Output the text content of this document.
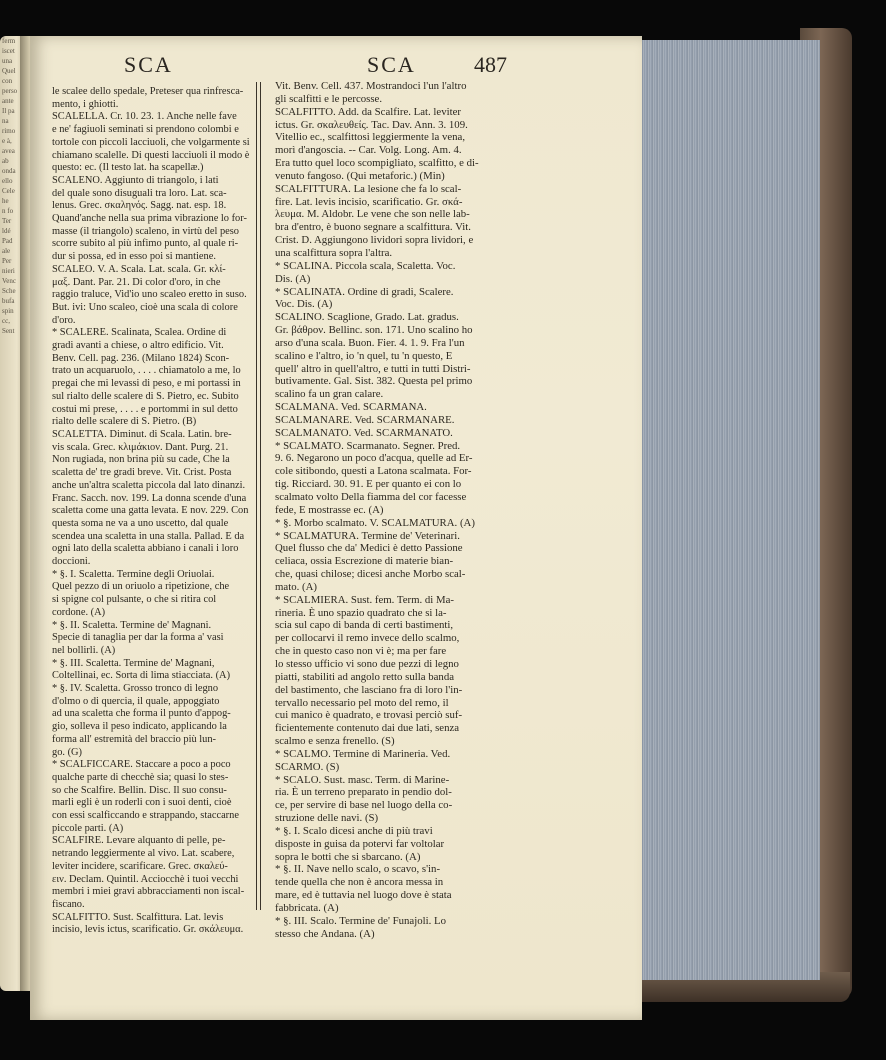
ferm
iscet
una
Quel
con
perso
ante
Il pa
na
rimo
e à,
avea
ab
onda
ello
Cele
he
n fo
Ter
ldé
Pad
ale
Per
nieri
Venc
Sche
bufa
spin
cc,
Sent
SCA	SCA	487

le scalee dello spedale, Preteser qua rinfresca-

mento, i ghiotti.

SCALELLA. Cr. 10. 23. 1. Anche nelle fave

e ne' fagiuoli seminati si prendono colombi e

tortole con piccoli lacciuoli, che volgarmente si

chiamano scalelle. Di questi lacciuoli il modo è

questo: ec. (Il testo lat. ha scapellæ.)

SCALENO. Aggiunto di triangolo, i lati

del quale sono disuguali tra loro. Lat. sca-

lenus. Grec. σκαληνός. Sagg. nat. esp. 18.

Quand'anche nella sua prima vibrazione lo for-

masse (il triangolo) scaleno, in virtù del peso

scorre subito al più infimo punto, al quale ri-

dur si possa, ed in esso poi si mantiene.

SCALEO. V. A. Scala. Lat. scala. Gr. κλί-

μαξ. Dant. Par. 21. Di color d'oro, in che

raggio traluce, Vid'io uno scaleo eretto in suso.

But. ivi: Uno scaleo, cioè una scala di colore

d'oro.

* SCALERE. Scalinata, Scalea. Ordine di

gradi avanti a chiese, o altro edificio. Vit.

Benv. Cell. pag. 236. (Milano 1824) Scon-

trato un acquaruolo, . . . . chiamatolo a me, lo

pregai che mi levassi di peso, e mi portassi in

sul rialto delle scalere di S. Pietro, ec. Subito

costui mi prese, . . . . e portommi in sul detto

rialto delle scalere di S. Pietro. (B)

SCALETTA. Diminut. di Scala. Latin. bre-

vis scala. Grec. κλιμάκιον. Dant. Purg. 21.

Non rugiada, non brina più su cade, Che la

scaletta de' tre gradi breve. Vit. Crist. Posta

anche un'altra scaletta piccola dal lato dinanzi.

Franc. Sacch. nov. 199. La donna scende d'una

scaletta come una gatta levata. E nov. 229. Con

questa soma ne va a uno uscetto, dal quale

scendea una scaletta in una stalla. Pallad. E da

ogni lato della scaletta abbiano i canali i loro

doccioni.

* §. I. Scaletta. Termine degli Oriuolai.

Quel pezzo di un oriuolo a ripetizione, che

si spigne col pulsante, o che si ritira col

cordone. (A)

* §. II. Scaletta. Termine de' Magnani.

Specie di tanaglia per dar la forma a' vasi

nel bollirli. (A)

* §. III. Scaletta. Termine de' Magnani,

Coltellinai, ec. Sorta di lima stiacciata. (A)

* §. IV. Scaletta. Grosso tronco di legno

d'olmo o di quercia, il quale, appoggiato

ad una scaletta che forma il punto d'appog-

gio, solleva il peso indicato, applicando la

forma all' estremità del braccio più lun-

go. (G)

* SCALFICCARE. Staccare a poco a poco

qualche parte di checchè sia; quasi lo stes-

so che Scalfire. Bellin. Disc. Il suo consu-

marli egli è un roderli con i suoi denti, cioè

con essi scalficcando e strappando, staccarne

piccole parti. (A)

SCALFIRE. Levare alquanto di pelle, pe-

netrando leggiermente al vivo. Lat. scabere,

leviter incidere, scarificare. Grec. σκαλεύ-

ειν. Declam. Quintil. Acciocchè i tuoi vecchi

membri i miei gravi abbracciamenti non iscal-

fiscano.

SCALFITTO. Sust. Scalfittura. Lat. levis

incisio, levis ictus, scarificatio. Gr. σκάλευμα.

Vit. Benv. Cell. 437. Mostrandoci l'un l'altro

gli scalfitti e le percosse.

SCALFITTO. Add. da Scalfire. Lat. leviter

ictus. Gr. σκαλευθείς. Tac. Dav. Ann. 3. 109.

Vitellio ec., scalfittosi leggiermente la vena,

morì d'angoscia. -- Car. Volg. Long. Am. 4.

Era tutto quel loco scompigliato, scalfitto, e di-

venuto fangoso. (Qui metaforic.) (Min)

SCALFITTURA. La lesione che fa lo scal-

fire. Lat. levis incisio, scarificatio. Gr. σκά-

λευμα. M. Aldobr. Le vene che son nelle lab-

bra d'entro, è buono segnare a scalfittura. Vit.

Crist. D. Aggiungono lividori sopra lividori, e

una scalfittura sopra l'altra.

* SCALINA. Piccola scala, Scaletta. Voc.

Dis. (A)

* SCALINATA. Ordine di gradi, Scalere.

Voc. Dis. (A)

SCALINO. Scaglione, Grado. Lat. gradus.

Gr. βάθρον. Bellinc. son. 171. Uno scalino ho

arso d'una scala. Buon. Fier. 4. 1. 9. Fra l'un

scalino e l'altro, io 'n quel, tu 'n questo, E

quell' altro in quell'altro, e tutti in tutti Distri-

butivamente. Gal. Sist. 382. Questa pel primo

scalino fa un gran calare.

SCALMANA. Ved. SCARMANA.

SCALMANARE. Ved. SCARMANARE.

SCALMANATO. Ved. SCARMANATO.

* SCALMATO. Scarmanato. Segner. Pred.

9. 6. Negarono un poco d'acqua, quelle ad Er-

cole sitibondo, questi a Latona scalmata. For-

tig. Ricciard. 30. 91. E per quanto ei con lo

scalmato volto Della fiamma del cor facesse

fede, E mostrasse ec. (A)

* §. Morbo scalmato. V. SCALMATURA. (A)

* SCALMATURA. Termine de' Veterinari.

Quel flusso che da' Medici è detto Passione

celiaca, ossia Escrezione di materie bian-

che, quasi chilose; dicesi anche Morbo scal-

mato. (A)

* SCALMIERA. Sust. fem. Term. di Ma-

rineria. È uno spazio quadrato che si la-

scia sul capo di banda di certi bastimenti,

per collocarvi il remo invece dello scalmo,

che in questo caso non vi è; ma per fare

lo stesso ufficio vi sono due pezzi di legno

piatti, stabiliti ad angolo retto sulla banda

del bastimento, che lasciano fra di loro l'in-

tervallo necessario pel moto del remo, il

cui manico è quadrato, e trovasi perciò suf-

ficientemente contenuto dai due lati, senza

scalmo e senza frenello. (S)

* SCALMO. Termine di Marineria. Ved.

SCARMO. (S)

* SCALO. Sust. masc. Term. di Marine-

ria. È un terreno preparato in pendio dol-

ce, per servire di base nel luogo della co-

struzione delle navi. (S)

* §. I. Scalo dicesi anche di più travi

disposte in guisa da potervi far voltolar

sopra le botti che si sbarcano. (A)

* §. II. Nave nello scalo, o scavo, s'in-

tende quella che non è ancora messa in

mare, ed è tuttavia nel luogo dove è stata

fabbricata. (A)

* §. III. Scalo. Termine de' Funajoli. Lo

stesso che Andana. (A)
